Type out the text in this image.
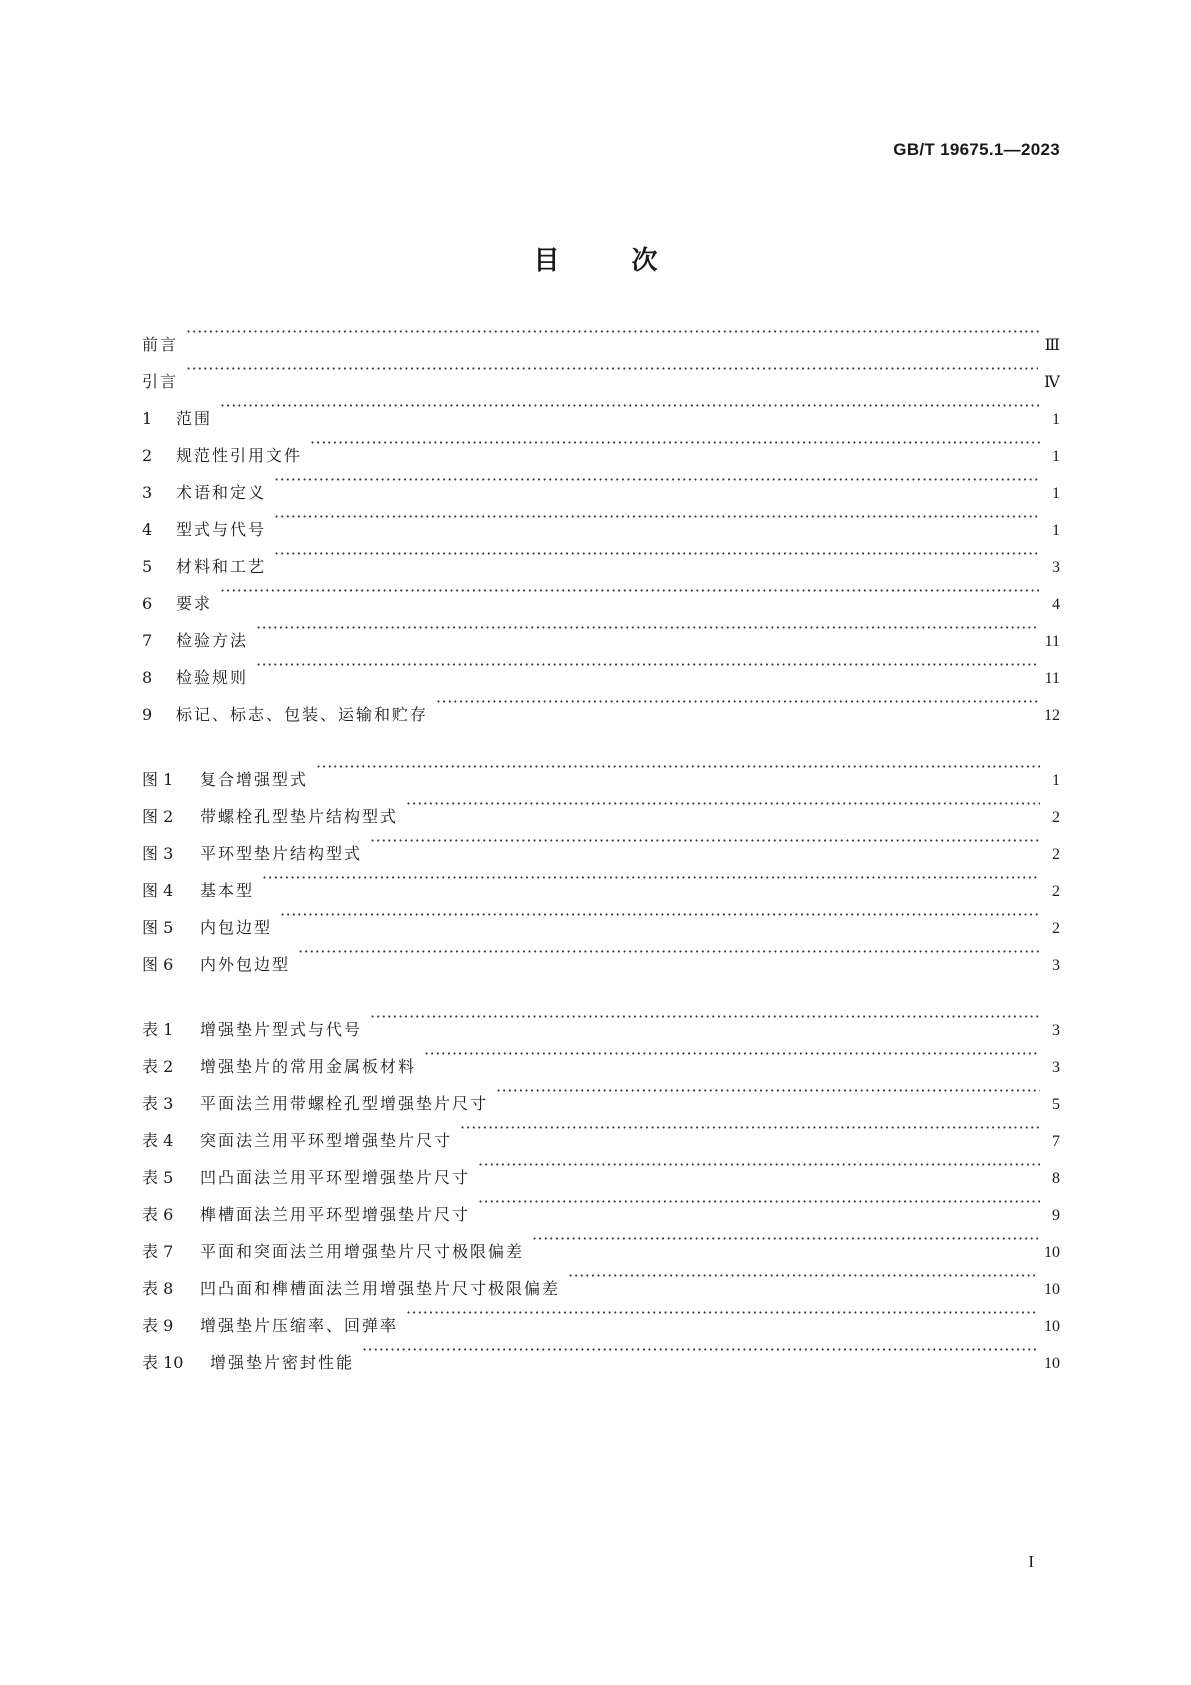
GB/T 19675.1—2023
目次
前言 ·····	Ⅲ
引言 ·····	Ⅳ
1	范围 ·····	1
2	规范性引用文件 ·····	1
3	术语和定义 ·····	1
4	型式与代号 ·····	1
5	材料和工艺 ·····	3
6	要求 ·····	4
7	检验方法 ·····	11
8	检验规则 ·····	11
9	标记、标志、包装、运输和贮存 ·····	12
图 1	复合增强型式 ·····	1
图 2	带螺栓孔型垫片结构型式 ·····	2
图 3	平环型垫片结构型式 ·····	2
图 4	基本型 ·····	2
图 5	内包边型 ·····	2
图 6	内外包边型 ·····	3
表 1	增强垫片型式与代号 ·····	3
表 2	增强垫片的常用金属板材料 ·····	3
表 3	平面法兰用带螺栓孔型增强垫片尺寸 ·····	5
表 4	突面法兰用平环型增强垫片尺寸 ·····	7
表 5	凹凸面法兰用平环型增强垫片尺寸 ·····	8
表 6	榫槽面法兰用平环型增强垫片尺寸 ·····	9
表 7	平面和突面法兰用增强垫片尺寸极限偏差 ·····	10
表 8	凹凸面和榫槽面法兰用增强垫片尺寸极限偏差 ·····	10
表 9	增强垫片压缩率、回弹率 ·····	10
表 10	增强垫片密封性能 ·····	10
I
